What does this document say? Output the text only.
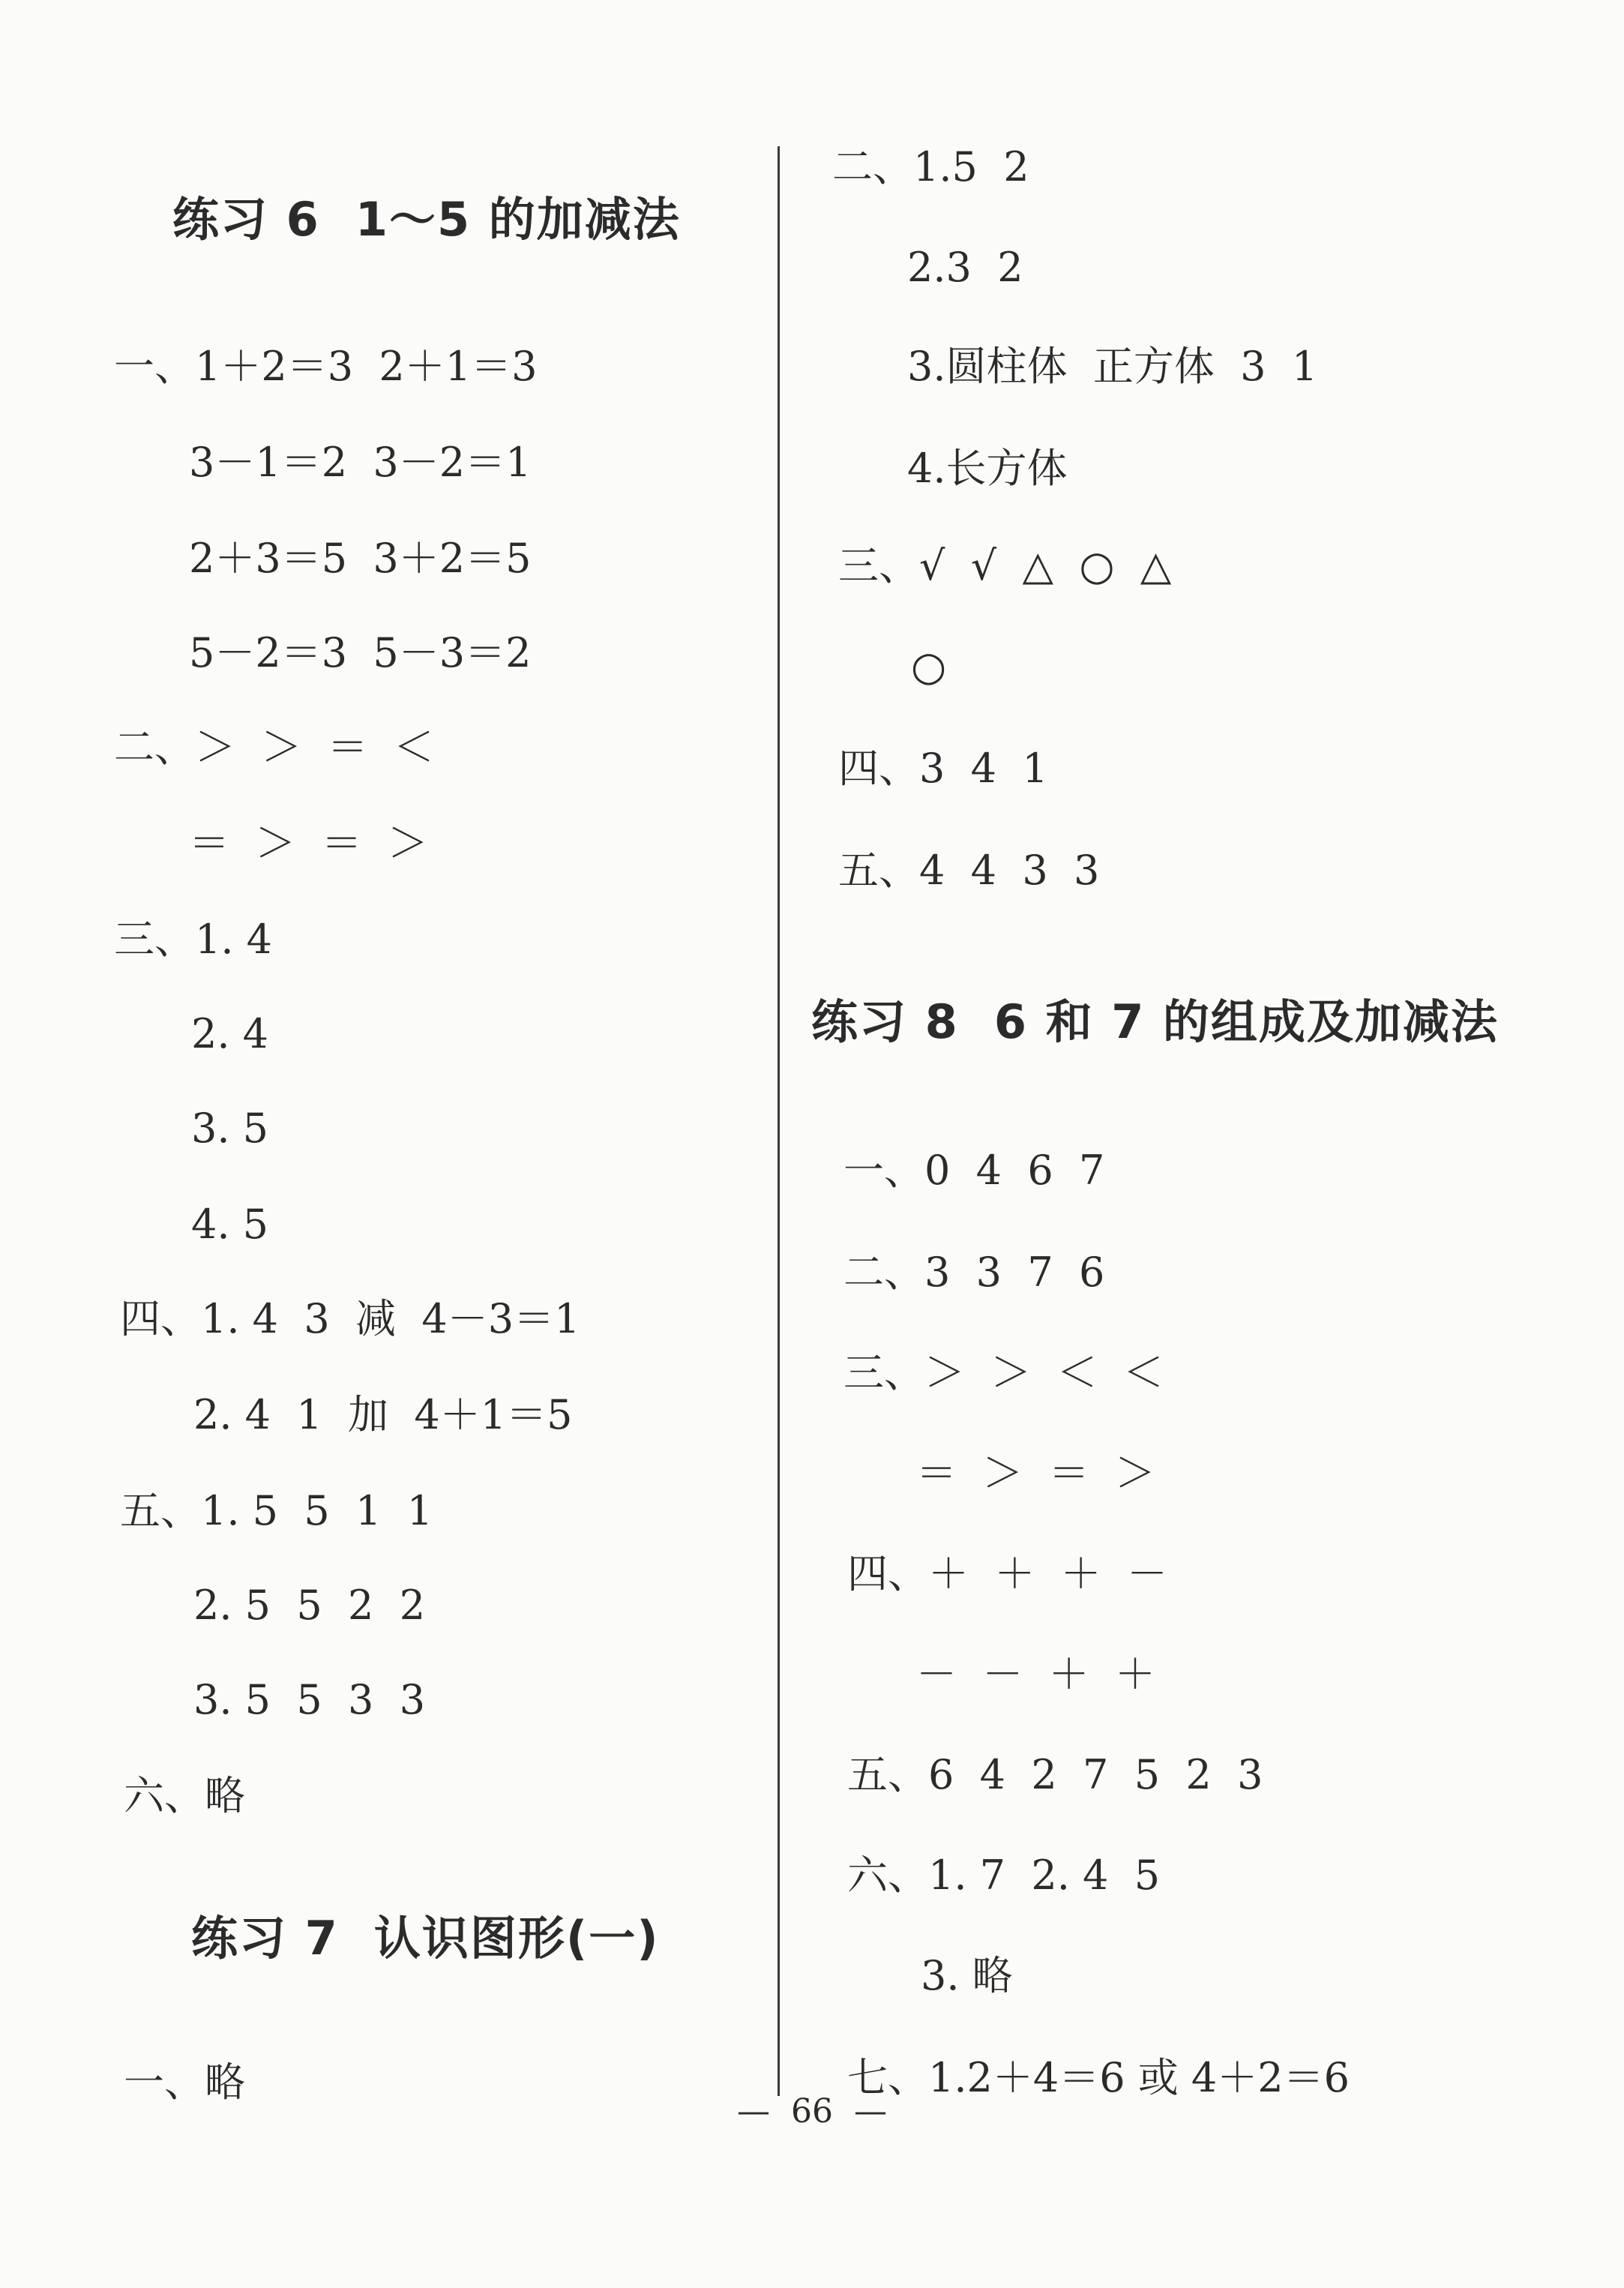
练习 6  1～5 的加减法
一、1＋2＝3  2＋1＝3
3－1＝2  3－2＝1
2＋3＝5  3＋2＝5
5－2＝3  5－3＝2
二、＞  ＞  ＝  ＜
＝  ＞  ＝  ＞
三、1. 4
2. 4
3. 5
4. 5
四、1. 4  3  减  4－3＝1
2. 4  1  加  4＋1＝5
五、1. 5  5  1  1
2. 5  5  2  2
3. 5  5  3  3
六、略
练习 7  认识图形(一)
一、略
二、1.5  2
2.3  2
3.圆柱体  正方体  3  1
4.长方体
三、√  √  △  ○  △
○
四、3  4  1
五、4  4  3  3
练习 8  6 和 7 的组成及加减法
一、0  4  6  7
二、3  3  7  6
三、＞  ＞  ＜  ＜
＝  ＞  ＝  ＞
四、＋  ＋  ＋  －
－  －  ＋  ＋
五、6  4  2  7  5  2  3
六、1. 7  2. 4  5
3. 略
七、1.2＋4＝6 或 4＋2＝6
—  66  —
